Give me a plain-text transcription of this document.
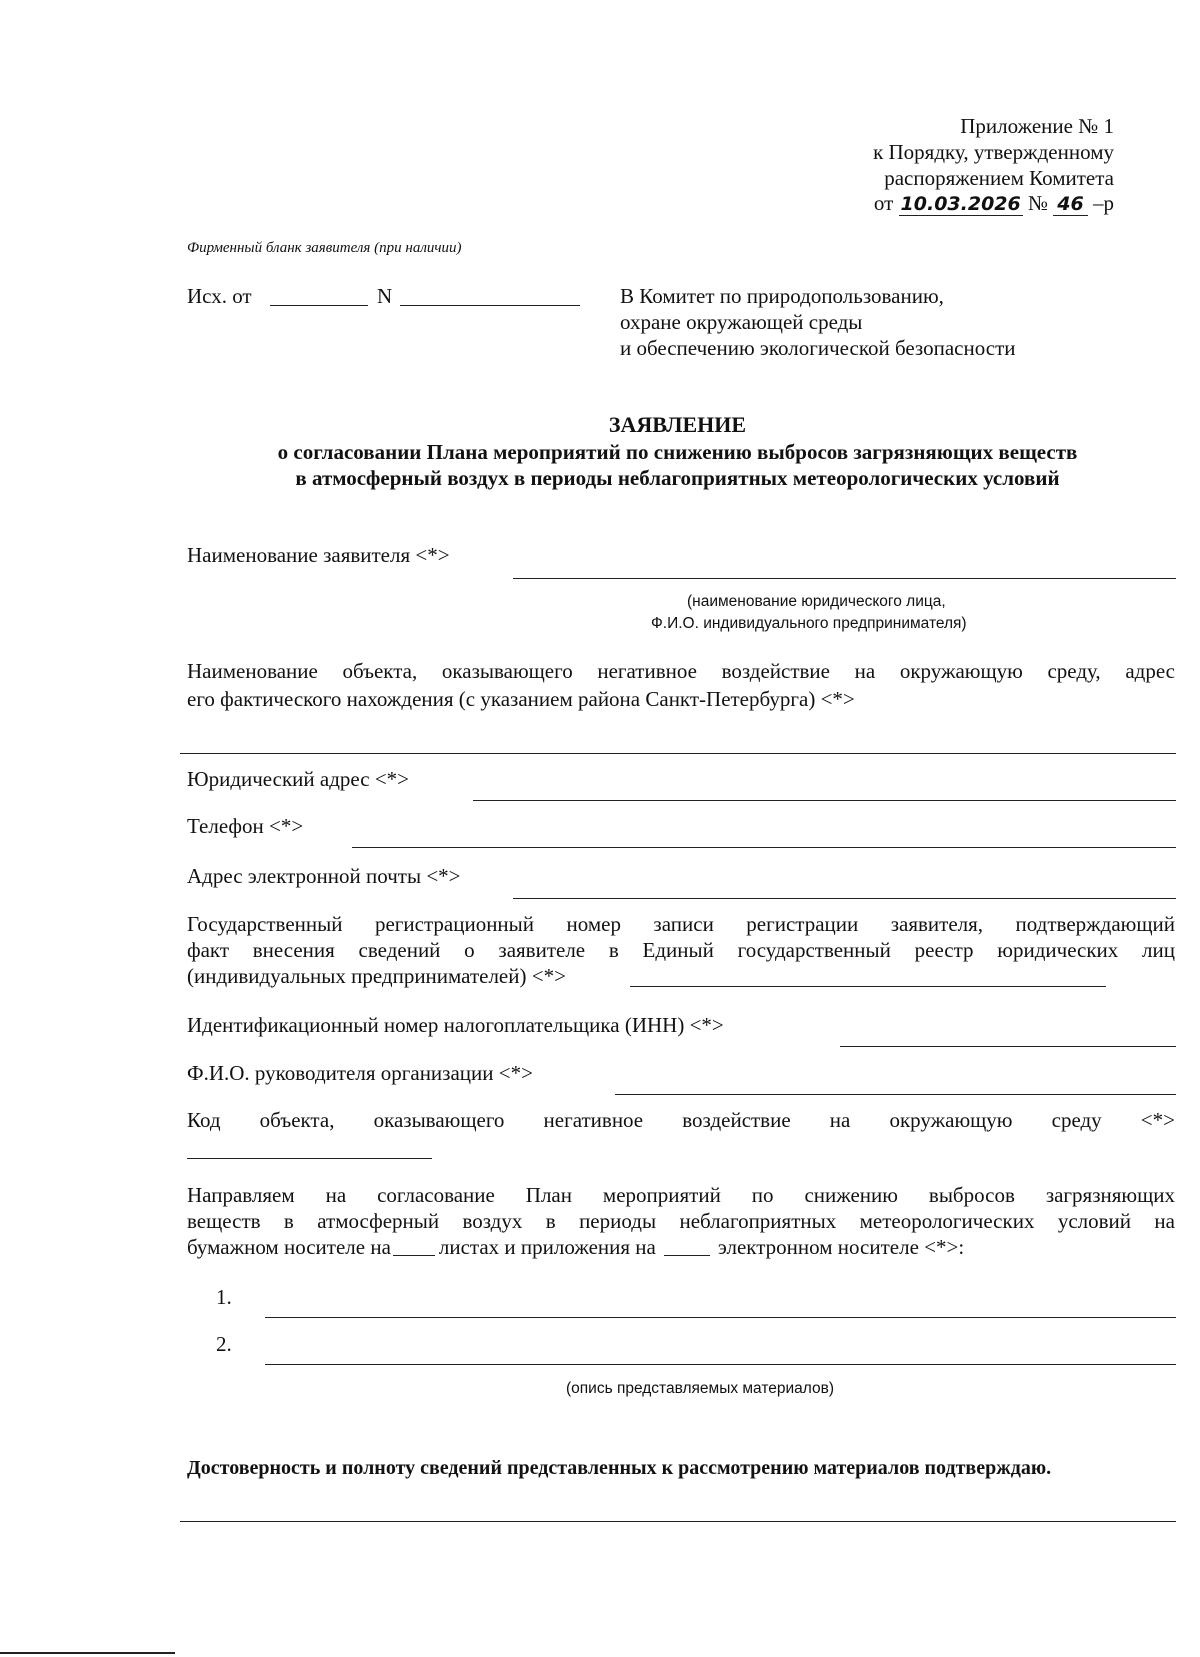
Приложение № 1
к Порядку, утвержденному
распоряжением Комитета
от 10.03.2026 № 46 –р
Фирменный бланк заявителя (при наличии)
Исх. от	N	В Комитет по природопользованию,
охране окружающей среды
и обеспечению экологической безопасности
ЗАЯВЛЕНИЕ
о согласовании Плана мероприятий по снижению выбросов загрязняющих веществ
в атмосферный воздух в периоды неблагоприятных метеорологических условий
Наименование заявителя <*>
(наименование юридического лица,
Ф.И.О. индивидуального предпринимателя)
Наименование объекта, оказывающего негативное воздействие на окружающую среду, адрес
его фактического нахождения (с указанием района Санкт-Петербурга) <*>
Юридический адрес <*>
Телефон <*>
Адрес электронной почты <*>
Государственный регистрационный номер записи регистрации заявителя, подтверждающий
факт внесения сведений о заявителе в Единый государственный реестр юридических лиц
(индивидуальных предпринимателей) <*>
Идентификационный номер налогоплательщика (ИНН) <*>
Ф.И.О. руководителя организации <*>
Код объекта, оказывающего негативное воздействие на окружающую среду <*>
Направляем на согласование План мероприятий по снижению выбросов загрязняющих
веществ в атмосферный воздух в периоды неблагоприятных метеорологических условий на
бумажном носителе на листах и приложения на	электронном носителе <*>:
1.
2.
(опись представляемых материалов)
Достоверность и полноту сведений представленных к рассмотрению материалов подтверждаю.
